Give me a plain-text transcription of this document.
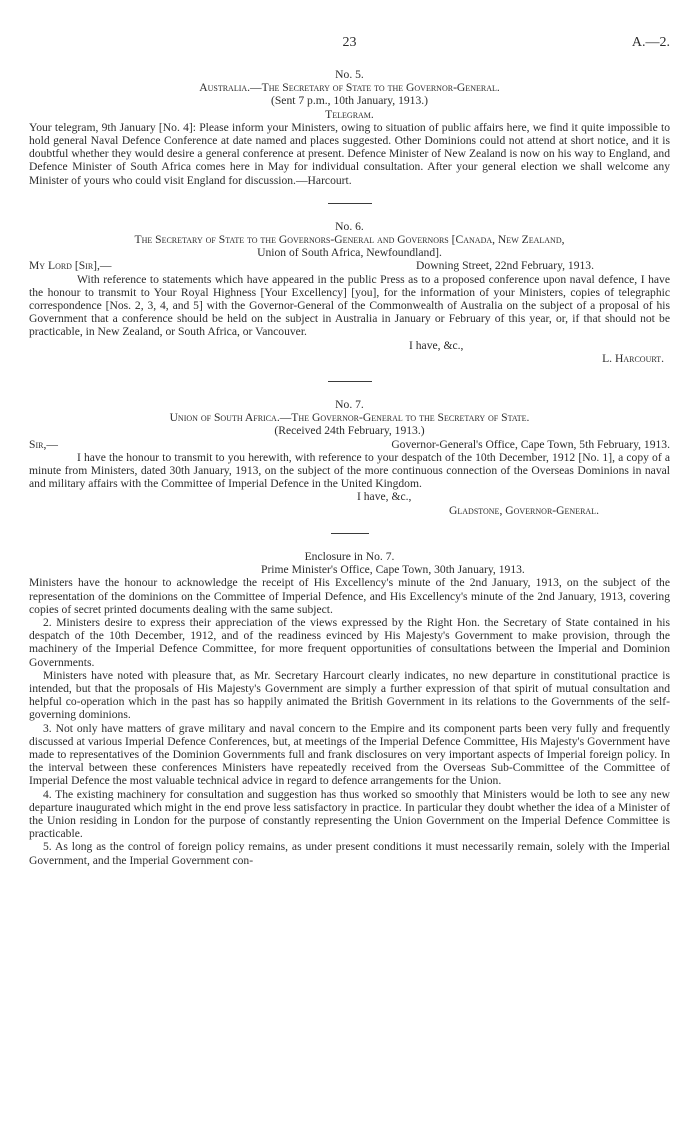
23	A.—2.
No. 5.
Australia.—The Secretary of State to the Governor-General.
(Sent 7 p.m., 10th January, 1913.)
Telegram.

Your telegram, 9th January [No. 4]: Please inform your Ministers, owing to situation of public affairs here, we find it quite impossible to hold general Naval Defence Conference at date named and places suggested. Other Dominions could not attend at short notice, and it is doubtful whether they would desire a general conference at present. Defence Minister of New Zealand is now on his way to England, and Defence Minister of South Africa comes here in May for individual consultation. After your general election we shall welcome any Minister of yours who could visit England for discussion.—Harcourt.

No. 6.
The Secretary of State to the Governors-General and Governors [Canada, New Zealand,
Union of South Africa, Newfoundland].
My Lord [Sir],—	Downing Street, 22nd February, 1913.

With reference to statements which have appeared in the public Press as to a proposed conference upon naval defence, I have the honour to transmit to Your Royal Highness [Your Excellency] [you], for the information of your Ministers, copies of telegraphic correspondence [Nos. 2, 3, 4, and 5] with the Governor-General of the Commonwealth of Australia on the subject of a proposal of his Government that a conference should be held on the subject in Australia in January or February of this year, or, if that should not be practicable, in New Zealand, or South Africa, or Vancouver.

I have, &c.,
L. Harcourt.
No. 7.
Union of South Africa.—The Governor-General to the Secretary of State.
(Received 24th February, 1913.)
Sir,—	Governor-General's Office, Cape Town, 5th February, 1913.

I have the honour to transmit to you herewith, with reference to your despatch of the 10th December, 1912 [No. 1], a copy of a minute from Ministers, dated 30th January, 1913, on the subject of the more continuous connection of the Overseas Dominions in naval and military affairs with the Committee of Imperial Defence in the United Kingdom.

I have, &c.,
Gladstone, Governor-General.
Enclosure in No. 7.
Prime Minister's Office, Cape Town, 30th January, 1913.

Ministers have the honour to acknowledge the receipt of His Excellency's minute of the 2nd January, 1913, on the subject of the representation of the dominions on the Committee of Imperial Defence, and His Excellency's minute of the 2nd January, 1913, covering copies of secret printed documents dealing with the same subject.

2. Ministers desire to express their appreciation of the views expressed by the Right Hon. the Secretary of State contained in his despatch of the 10th December, 1912, and of the readiness evinced by His Majesty's Government to make provision, through the machinery of the Imperial Defence Committee, for more frequent opportunities of consultations between the Imperial and Dominion Governments.

Ministers have noted with pleasure that, as Mr. Secretary Harcourt clearly indicates, no new departure in constitutional practice is intended, but that the proposals of His Majesty's Government are simply a further expression of that spirit of mutual consultation and helpful co-operation which in the past has so happily animated the British Government in its relations to the Governments of the self-governing dominions.

3. Not only have matters of grave military and naval concern to the Empire and its component parts been very fully and frequently discussed at various Imperial Defence Conferences, but, at meetings of the Imperial Defence Committee, His Majesty's Government have made to representatives of the Dominion Governments full and frank disclosures on very important aspects of Imperial foreign policy. In the interval between these conferences Ministers have repeatedly received from the Overseas Sub-Committee of the Committee of Imperial Defence the most valuable technical advice in regard to defence arrangements for the Union.

4. The existing machinery for consultation and suggestion has thus worked so smoothly that Ministers would be loth to see any new departure inaugurated which might in the end prove less satisfactory in practice. In particular they doubt whether the idea of a Minister of the Union residing in London for the purpose of constantly representing the Union Government on the Imperial Defence Committee is practicable.

5. As long as the control of foreign policy remains, as under present conditions it must necessarily remain, solely with the Imperial Government, and the Imperial Government con-
